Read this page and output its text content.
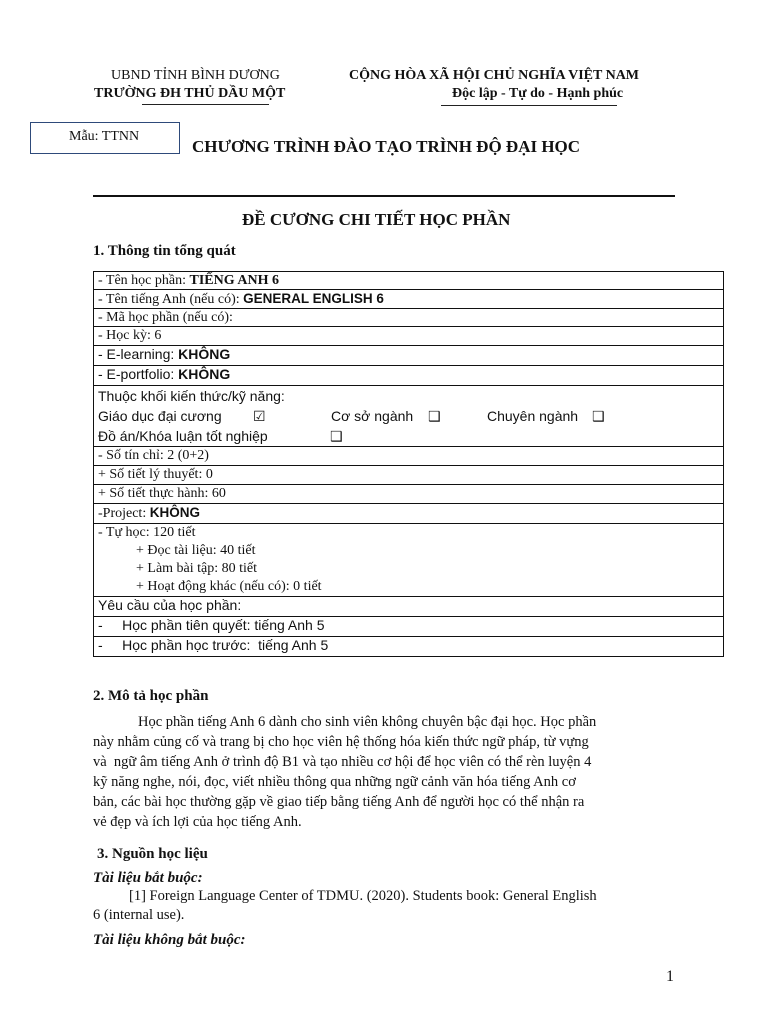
UBND TỈNH BÌNH DƯƠNG
TRƯỜNG ĐH THỦ DẦU MỘT
CỘNG HÒA XÃ HỘI CHỦ NGHĨA VIỆT NAM
Độc lập - Tự do - Hạnh phúc
Mẫu: TTNN
CHƯƠNG TRÌNH ĐÀO TẠO TRÌNH ĐỘ ĐẠI HỌC
ĐỀ CƯƠNG CHI TIẾT HỌC PHẦN
1. Thông tin tổng quát
- Tên học phần: TIẾNG ANH 6
- Tên tiếng Anh (nếu có): GENERAL ENGLISH 6
- Mã học phần (nếu có):
- Học kỳ: 6
- E-learning: KHÔNG
- E-portfolio: KHÔNG

Thuộc khối kiến thức/kỹ năng:
Giáo dục đại cương ☑	Cơ sở ngành ❑	Chuyên ngành ❑
Đồ án/Khóa luận tốt nghiệp	❑

- Số tín chỉ: 2 (0+2)
+ Số tiết lý thuyết: 0
+ Số tiết thực hành: 60
-Project: KHÔNG

- Tự học: 120 tiết
+ Đọc tài liệu: 40 tiết
+ Làm bài tập: 80 tiết
+ Hoạt động khác (nếu có): 0 tiết

Yêu cầu của học phần:
-     Học phần tiên quyết: tiếng Anh 5
-     Học phần học trước:  tiếng Anh 5
2. Mô tả học phần
Học phần tiếng Anh 6 dành cho sinh viên không chuyên bậc đại học. Học phần
này nhằm củng cố và trang bị cho học viên hệ thống hóa kiến thức ngữ pháp, từ vựng
và  ngữ âm tiếng Anh ở trình độ B1 và tạo nhiều cơ hội để học viên có thể rèn luyện 4
kỹ năng nghe, nói, đọc, viết nhiều thông qua những ngữ cảnh văn hóa tiếng Anh cơ
bản, các bài học thường gặp về giao tiếp bằng tiếng Anh để người học có thể nhận ra
vẻ đẹp và ích lợi của học tiếng Anh.
3. Nguồn học liệu
Tài liệu bắt buộc:
[1] Foreign Language Center of TDMU. (2020). Students book: General English
6 (internal use).
Tài liệu không bắt buộc:
1
